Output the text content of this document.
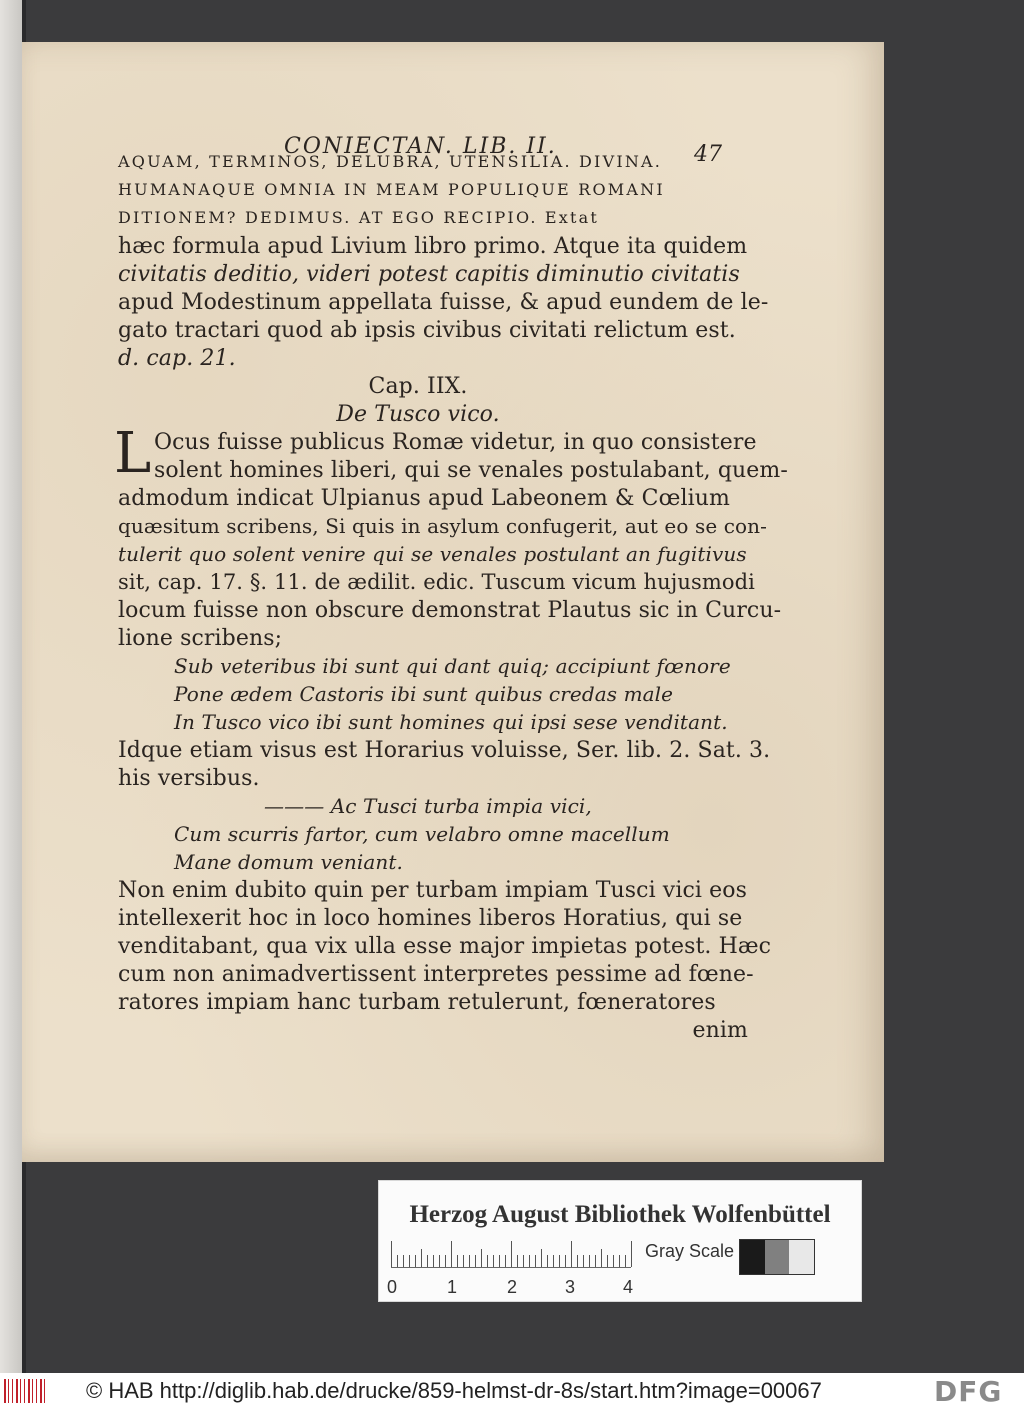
CONIECTAN. LIB. II.	47
AQUAM, TERMINOS, DELUBRA, UTENSILIA. DIVINA.
HUMANAQUE OMNIA IN MEAM POPULIQUE ROMANI
DITIONEM? DEDIMUS. AT EGO RECIPIO. Extat
hæc formula apud Livium libro primo. Atque ita quidem
civitatis deditio, videri potest capitis diminutio civitatis
apud Modestinum appellata fuisse, & apud eundem de le-
gato tractari quod ab ipsis civibus civitati relictum est.
d. cap. 21.
Cap. IIX.
De Tusco vico.
L Ocus fuisse publicus Romæ videtur, in quo consistere
solent homines liberi, qui se venales postulabant, quem-
admodum indicat Ulpianus apud Labeonem & Cœlium
quæsitum scribens, Si quis in asylum confugerit, aut eo se con-
tulerit quo solent venire qui se venales postulant an fugitivus
sit, cap. 17. §. 11. de ædilit. edic. Tuscum vicum hujusmodi
locum fuisse non obscure demonstrat Plautus sic in Curcu-
lione scribens;
Sub veteribus ibi sunt qui dant quiq; accipiunt fœnore
Pone ædem Castoris ibi sunt quibus credas male
In Tusco vico ibi sunt homines qui ipsi sese venditant.
Idque etiam visus est Horarius voluisse, Ser. lib. 2. Sat. 3.
his versibus.
——— Ac Tusci turba impia vici,
Cum scurris fartor, cum velabro omne macellum
Mane domum veniant.
Non enim dubito quin per turbam impiam Tusci vici eos
intellexerit hoc in loco homines liberos Horatius, qui se
venditabant, qua vix ulla esse major impietas potest. Hæc
cum non animadvertissent interpretes pessime ad fœne-
ratores impiam hanc turbam retulerunt, fœneratores
enim
Herzog August Bibliothek Wolfenbüttel
0	1	2	3	4
Gray Scale
© HAB http://diglib.hab.de/drucke/859-helmst-dr-8s/start.htm?image=00067	DFG
